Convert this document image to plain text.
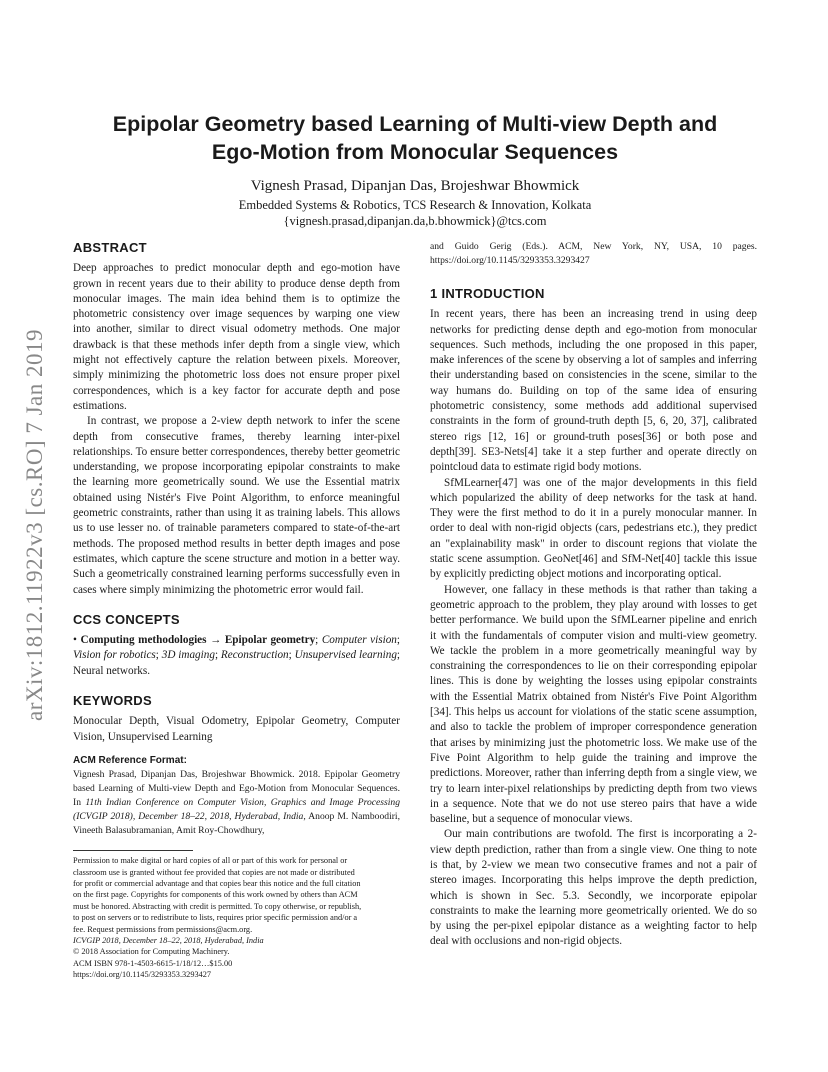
arXiv:1812.11922v3 [cs.RO] 7 Jan 2019
Epipolar Geometry based Learning of Multi-view Depth and
Ego-Motion from Monocular Sequences
Vignesh Prasad, Dipanjan Das, Brojeshwar Bhowmick
Embedded Systems & Robotics, TCS Research & Innovation, Kolkata
{vignesh.prasad,dipanjan.da,b.bhowmick}@tcs.com
ABSTRACT

Deep approaches to predict monocular depth and ego-motion have grown in recent years due to their ability to produce dense depth from monocular images. The main idea behind them is to optimize the photometric consistency over image sequences by warping one view into another, similar to direct visual odometry methods. One major drawback is that these methods infer depth from a single view, which might not effectively capture the relation between pixels. Moreover, simply minimizing the photometric loss does not ensure proper pixel correspondences, which is a key factor for accurate depth and pose estimations.

In contrast, we propose a 2-view depth network to infer the scene depth from consecutive frames, thereby learning inter-pixel relationships. To ensure better correspondences, thereby better geometric understanding, we propose incorporating epipolar constraints to make the learning more geometrically sound. We use the Essential matrix obtained using Nistér's Five Point Algorithm, to enforce meaningful geometric constraints, rather than using it as training labels. This allows us to use lesser no. of trainable parameters compared to state-of-the-art methods. The proposed method results in better depth images and pose estimates, which capture the scene structure and motion in a better way. Such a geometrically constrained learning performs successfully even in cases where simply minimizing the photometric error would fail.

CCS CONCEPTS

• Computing methodologies → Epipolar geometry; Computer vision; Vision for robotics; 3D imaging; Reconstruction; Unsupervised learning; Neural networks.

KEYWORDS

Monocular Depth, Visual Odometry, Epipolar Geometry, Computer Vision, Unsupervised Learning

ACM Reference Format:

Vignesh Prasad, Dipanjan Das, Brojeshwar Bhowmick. 2018. Epipolar Geometry based Learning of Multi-view Depth and Ego-Motion from Monocular Sequences. In 11th Indian Conference on Computer Vision, Graphics and Image Processing (ICVGIP 2018), December 18–22, 2018, Hyderabad, India, Anoop M. Namboodiri, Vineeth Balasubramanian, Amit Roy-Chowdhury,

Permission to make digital or hard copies of all or part of this work for personal or
classroom use is granted without fee provided that copies are not made or distributed
for profit or commercial advantage and that copies bear this notice and the full citation
on the first page. Copyrights for components of this work owned by others than ACM
must be honored. Abstracting with credit is permitted. To copy otherwise, or republish,
to post on servers or to redistribute to lists, requires prior specific permission and/or a
fee. Request permissions from permissions@acm.org.
ICVGIP 2018, December 18–22, 2018, Hyderabad, India
© 2018 Association for Computing Machinery.
ACM ISBN 978-1-4503-6615-1/18/12…$15.00
https://doi.org/10.1145/3293353.3293427

and Guido Gerig (Eds.). ACM, New York, NY, USA, 10 pages. https://doi.org/10.1145/3293353.3293427

1 INTRODUCTION

In recent years, there has been an increasing trend in using deep networks for predicting dense depth and ego-motion from monocular sequences. Such methods, including the one proposed in this paper, make inferences of the scene by observing a lot of samples and inferring their understanding based on consistencies in the scene, similar to the way humans do. Building on top of the same idea of ensuring photometric consistency, some methods add additional supervised constraints in the form of ground-truth depth [5, 6, 20, 37], calibrated stereo rigs [12, 16] or ground-truth poses[36] or both pose and depth[39]. SE3-Nets[4] take it a step further and operate directly on pointcloud data to estimate rigid body motions.

SfMLearner[47] was one of the major developments in this field which popularized the ability of deep networks for the task at hand. They were the first method to do it in a purely monocular manner. In order to deal with non-rigid objects (cars, pedestrians etc.), they predict an "explainability mask" in order to discount regions that violate the static scene assumption. GeoNet[46] and SfM-Net[40] tackle this issue by explicitly predicting object motions and incorporating optical.

However, one fallacy in these methods is that rather than taking a geometric approach to the problem, they play around with losses to get better performance. We build upon the SfMLearner pipeline and enrich it with the fundamentals of computer vision and multi-view geometry. We tackle the problem in a more geometrically meaningful way by constraining the correspondences to lie on their corresponding epipolar lines. This is done by weighting the losses using epipolar constraints with the Essential Matrix obtained from Nistér's Five Point Algorithm [34]. This helps us account for violations of the static scene assumption, and also to tackle the problem of improper correspondence generation that arises by minimizing just the photometric loss. We make use of the Five Point Algorithm to help guide the training and improve the predictions. Moreover, rather than inferring depth from a single view, we try to learn inter-pixel relationships by predicting depth from two views in a sequence. Note that we do not use stereo pairs that have a wide baseline, but a sequence of monocular views.

Our main contributions are twofold. The first is incorporating a 2-view depth prediction, rather than from a single view. One thing to note is that, by 2-view we mean two consecutive frames and not a pair of stereo images. Incorporating this helps improve the depth prediction, which is shown in Sec. 5.3. Secondly, we incorporate epipolar constraints to make the learning more geometrically oriented. We do so by using the per-pixel epipolar distance as a weighting factor to help deal with occlusions and non-rigid objects.
